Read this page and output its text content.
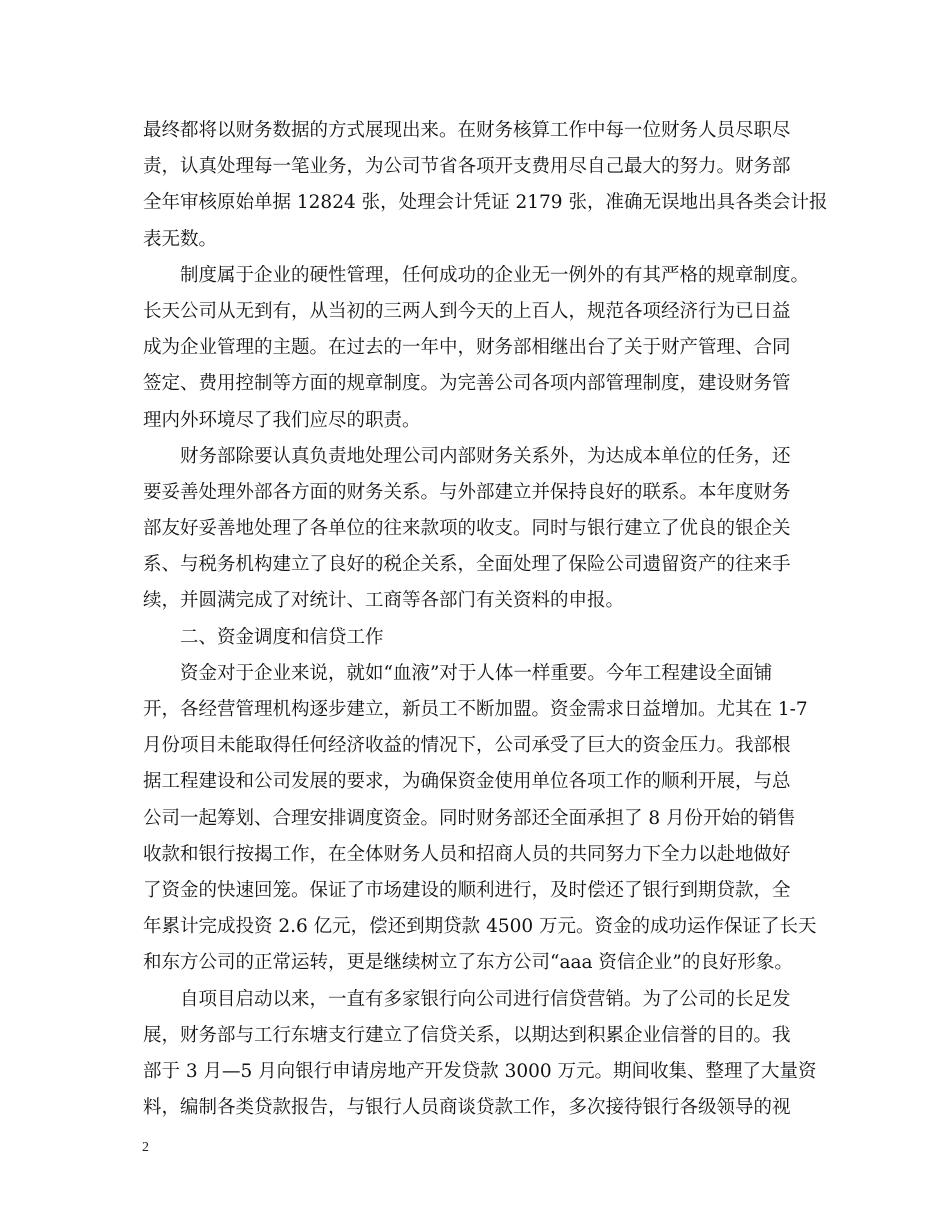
最终都将以财务数据的方式展现出来。在财务核算工作中每一位财务人员尽职尽
责，认真处理每一笔业务，为公司节省各项开支费用尽自己最大的努力。财务部
全年审核原始单据 12824 张，处理会计凭证 2179 张，准确无误地出具各类会计报
表无数。

制度属于企业的硬性管理，任何成功的企业无一例外的有其严格的规章制度。
长天公司从无到有，从当初的三两人到今天的上百人，规范各项经济行为已日益
成为企业管理的主题。在过去的一年中，财务部相继出台了关于财产管理、合同
签定、费用控制等方面的规章制度。为完善公司各项内部管理制度，建设财务管
理内外环境尽了我们应尽的职责。

财务部除要认真负责地处理公司内部财务关系外，为达成本单位的任务，还
要妥善处理外部各方面的财务关系。与外部建立并保持良好的联系。本年度财务
部友好妥善地处理了各单位的往来款项的收支。同时与银行建立了优良的银企关
系、与税务机构建立了良好的税企关系，全面处理了保险公司遗留资产的往来手
续，并圆满完成了对统计、工商等各部门有关资料的申报。

二、资金调度和信贷工作

资金对于企业来说，就如“血液”对于人体一样重要。今年工程建设全面铺
开，各经营管理机构逐步建立，新员工不断加盟。资金需求日益增加。尤其在 1-7
月份项目未能取得任何经济收益的情况下，公司承受了巨大的资金压力。我部根
据工程建设和公司发展的要求，为确保资金使用单位各项工作的顺利开展，与总
公司一起筹划、合理安排调度资金。同时财务部还全面承担了 8 月份开始的销售
收款和银行按揭工作，在全体财务人员和招商人员的共同努力下全力以赴地做好
了资金的快速回笼。保证了市场建设的顺利进行，及时偿还了银行到期贷款，全
年累计完成投资 2.6 亿元，偿还到期贷款 4500 万元。资金的成功运作保证了长天
和东方公司的正常运转，更是继续树立了东方公司“aaa 资信企业”的良好形象。

自项目启动以来，一直有多家银行向公司进行信贷营销。为了公司的长足发
展，财务部与工行东塘支行建立了信贷关系，以期达到积累企业信誉的目的。我
部于 3 月—5 月向银行申请房地产开发贷款 3000 万元。期间收集、整理了大量资
料，编制各类贷款报告，与银行人员商谈贷款工作，多次接待银行各级领导的视

2
